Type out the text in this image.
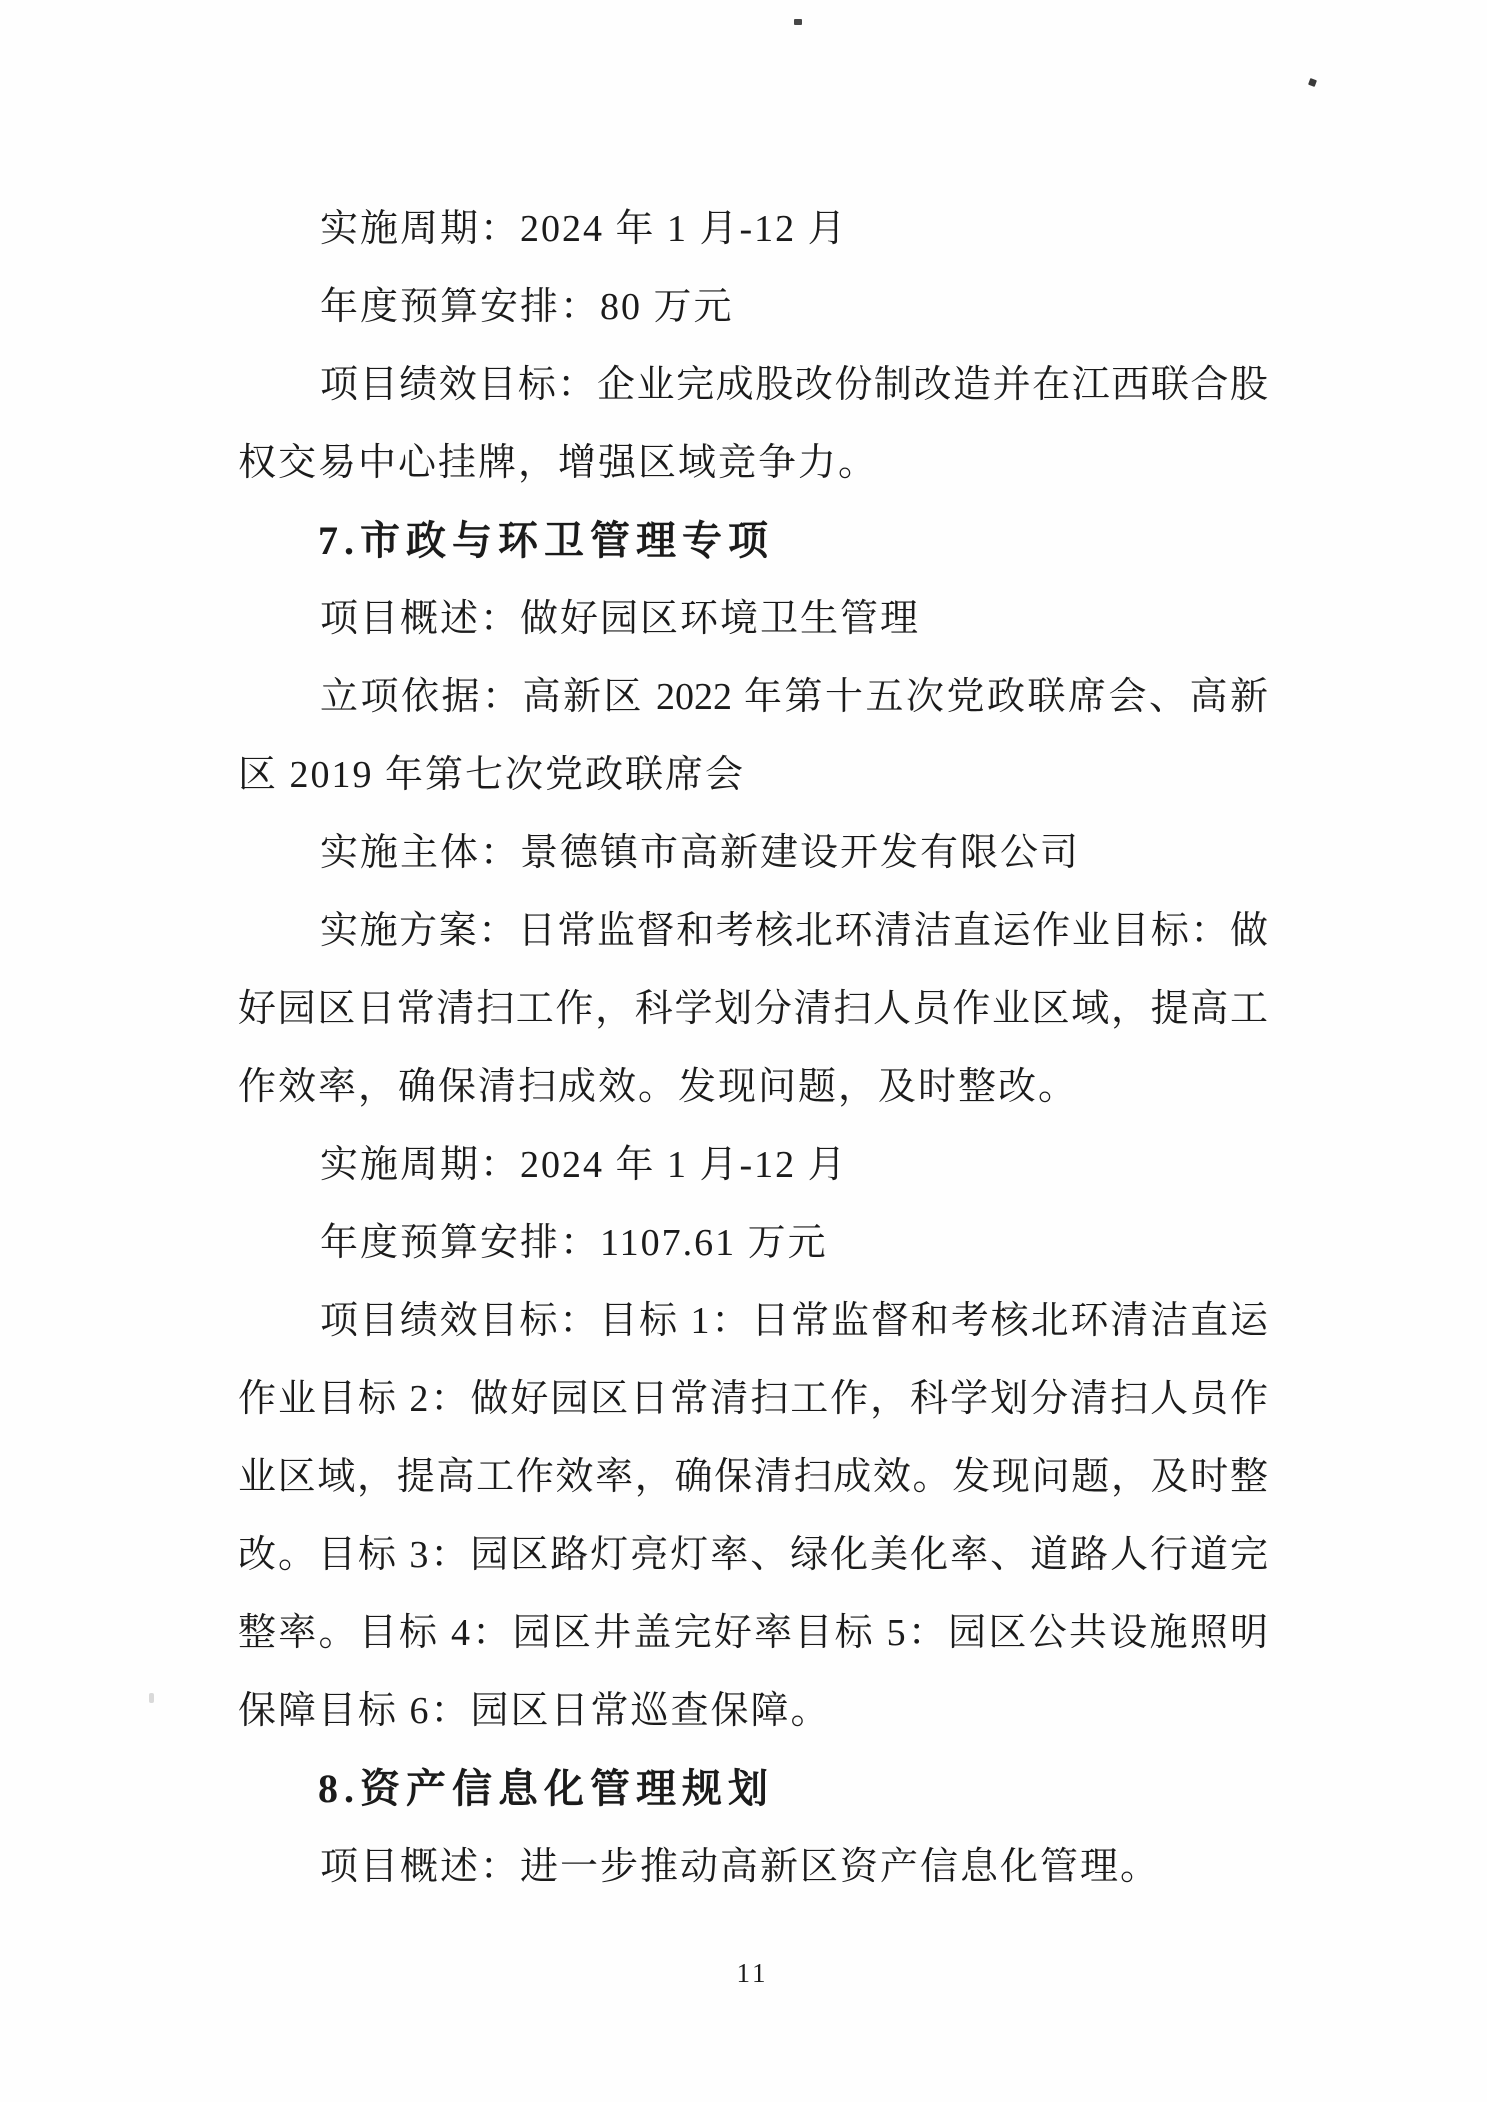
实施周期：2024 年 1 月-12 月
年度预算安排：80 万元
项目绩效目标：企业完成股改份制改造并在江西联合股
权交易中心挂牌，增强区域竞争力。
7.市政与环卫管理专项
项目概述：做好园区环境卫生管理
立项依据：高新区 2022 年第十五次党政联席会、高新
区 2019 年第七次党政联席会
实施主体：景德镇市高新建设开发有限公司
实施方案：日常监督和考核北环清洁直运作业目标：做
好园区日常清扫工作，科学划分清扫人员作业区域，提高工
作效率，确保清扫成效。发现问题，及时整改。
实施周期：2024 年 1 月-12 月
年度预算安排：1107.61 万元
项目绩效目标：目标 1：日常监督和考核北环清洁直运
作业目标 2：做好园区日常清扫工作，科学划分清扫人员作
业区域，提高工作效率，确保清扫成效。发现问题，及时整
改。目标 3：园区路灯亮灯率、绿化美化率、道路人行道完
整率。目标 4：园区井盖完好率目标 5：园区公共设施照明
保障目标 6：园区日常巡查保障。
8.资产信息化管理规划
项目概述：进一步推动高新区资产信息化管理。
11
